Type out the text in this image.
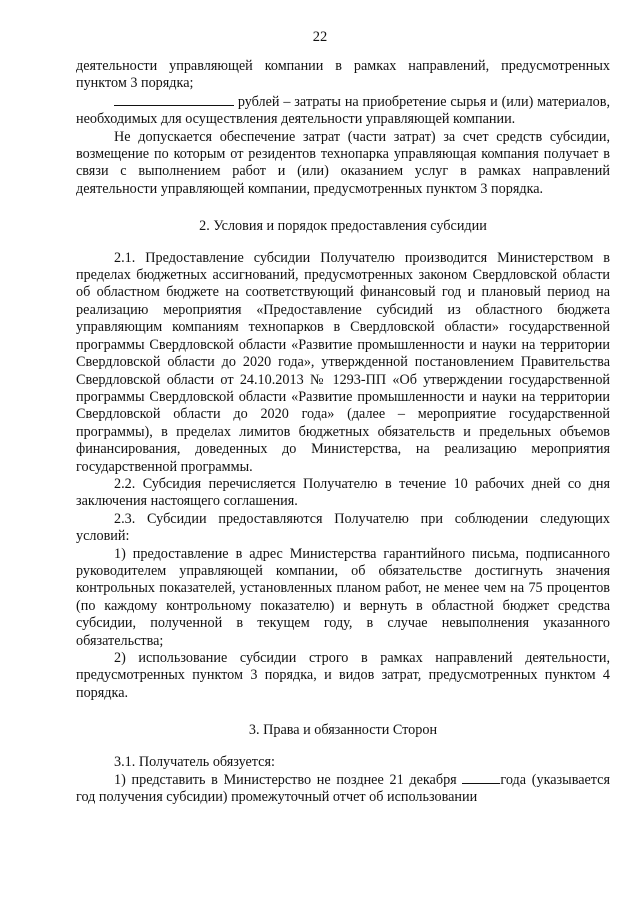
22

деятельности управляющей компании в рамках направлений, предусмотренных пунктом 3 порядка;

рублей – затраты на приобретение сырья и (или) материалов, необходимых для осуществления деятельности управляющей компании.

Не допускается обеспечение затрат (части затрат) за счет средств субсидии, возмещение по которым от резидентов технопарка управляющая компания получает в связи с выполнением работ и (или) оказанием услуг в рамках направлений деятельности управляющей компании, предусмотренных пунктом 3 порядка.

2. Условия и порядок предоставления субсидии

2.1. Предоставление субсидии Получателю производится Министерством в пределах бюджетных ассигнований, предусмотренных законом Свердловской области об областном бюджете на соответствующий финансовый год и плановый период на реализацию мероприятия «Предоставление субсидий из областного бюджета управляющим компаниям технопарков в Свердловской области» государственной программы Свердловской области «Развитие промышленности и науки на территории Свердловской области до 2020 года», утвержденной постановлением Правительства Свердловской области от 24.10.2013 № 1293-ПП «Об утверждении государственной программы Свердловской области «Развитие промышленности и науки на территории Свердловской области до 2020 года» (далее – мероприятие государственной программы), в пределах лимитов бюджетных обязательств и предельных объемов финансирования, доведенных до Министерства, на реализацию мероприятия государственной программы.

2.2. Субсидия перечисляется Получателю в течение 10 рабочих дней со дня заключения настоящего соглашения.

2.3. Субсидии предоставляются Получателю при соблюдении следующих условий:

1) предоставление в адрес Министерства гарантийного письма, подписанного руководителем управляющей компании, об обязательстве достигнуть значения контрольных показателей, установленных планом работ, не менее чем на 75 процентов (по каждому контрольному показателю) и вернуть в областной бюджет средства субсидии, полученной в текущем году, в случае невыполнения указанного обязательства;

2) использование субсидии строго в рамках направлений деятельности, предусмотренных пунктом 3 порядка, и видов затрат, предусмотренных пунктом 4 порядка.

3. Права и обязанности Сторон

3.1. Получатель обязуется:

1) представить в Министерство не позднее 21 декабря	года (указывается год получения субсидии) промежуточный отчет об использовании
